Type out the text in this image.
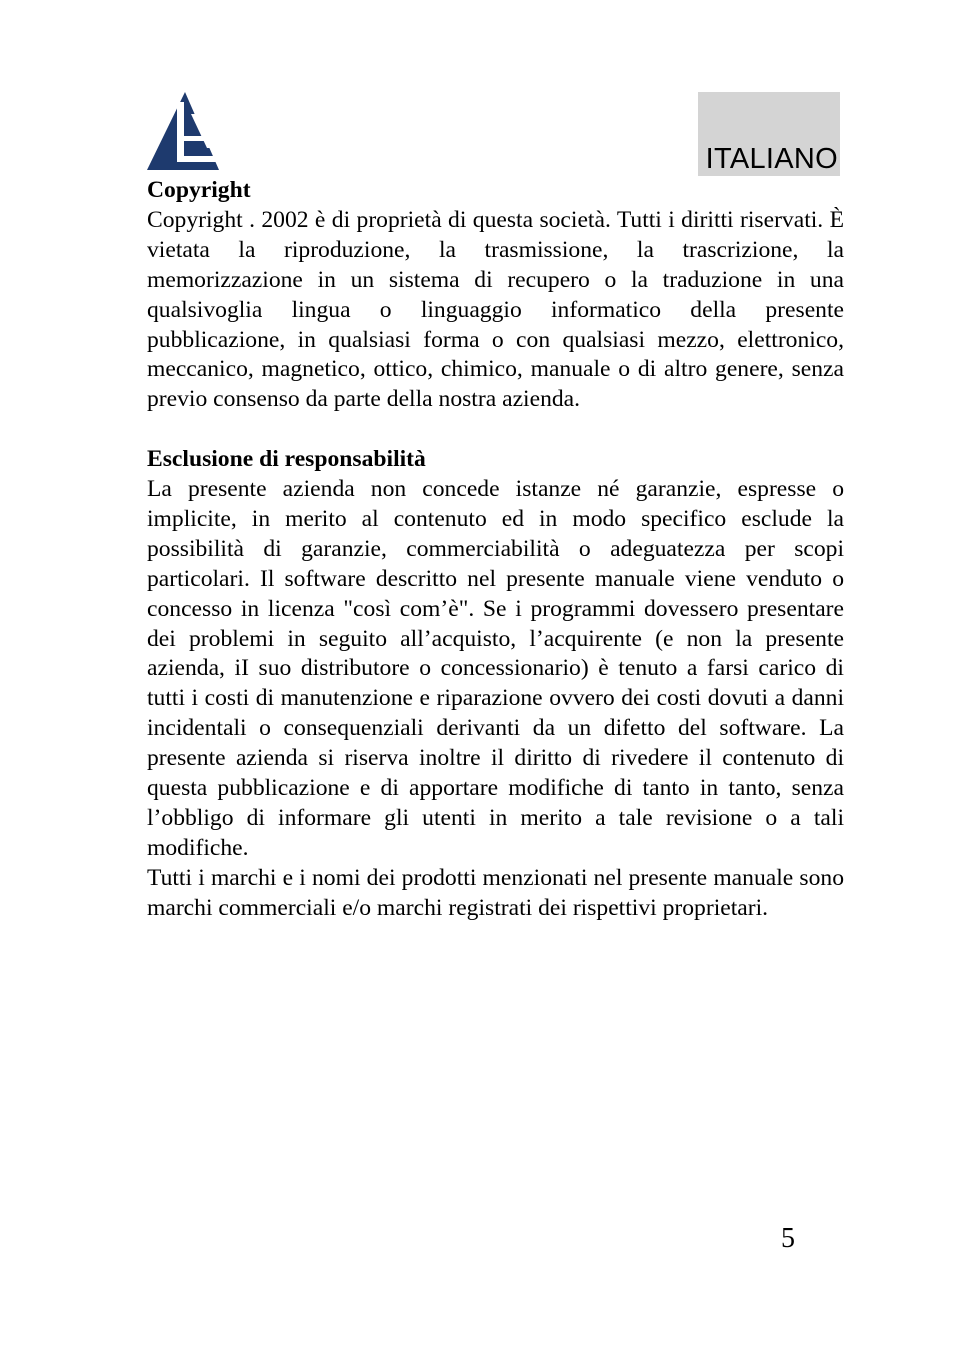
ITALIANO

Copyright

Copyright . 2002 è di proprietà di questa società. Tutti i diritti riservati. È vietata la riproduzione, la trasmissione, la trascrizione, la memorizzazione in un sistema di recupero o la traduzione in una qualsivoglia lingua o linguaggio informatico della presente pubblicazione, in qualsiasi forma o con qualsiasi mezzo, elettronico, meccanico, magnetico, ottico, chimico, manuale o di altro genere, senza previo consenso da parte della nostra azienda.

Esclusione di responsabilità

La presente azienda non concede istanze né garanzie, espresse o implicite, in merito al contenuto ed in modo specifico esclude la possibilità di garanzie, commerciabilità o adeguatezza per scopi particolari. Il software descritto nel presente manuale viene venduto o concesso in licenza "così com’è". Se i programmi dovessero presentare dei problemi in seguito all’acquisto, l’acquirente (e non la presente azienda, iI suo distributore o concessionario) è tenuto a farsi carico di tutti i costi di manutenzione e riparazione ovvero dei costi dovuti a danni incidentali o consequenziali derivanti da un difetto del software. La presente azienda si riserva inoltre il diritto di rivedere il contenuto di questa pubblicazione e di apportare modifiche di tanto in tanto, senza l’obbligo di informare gli utenti in merito a tale revisione o a tali modifiche.

Tutti i marchi e i nomi dei prodotti menzionati nel presente manuale sono marchi commerciali e/o marchi registrati dei rispettivi proprietari.

5
